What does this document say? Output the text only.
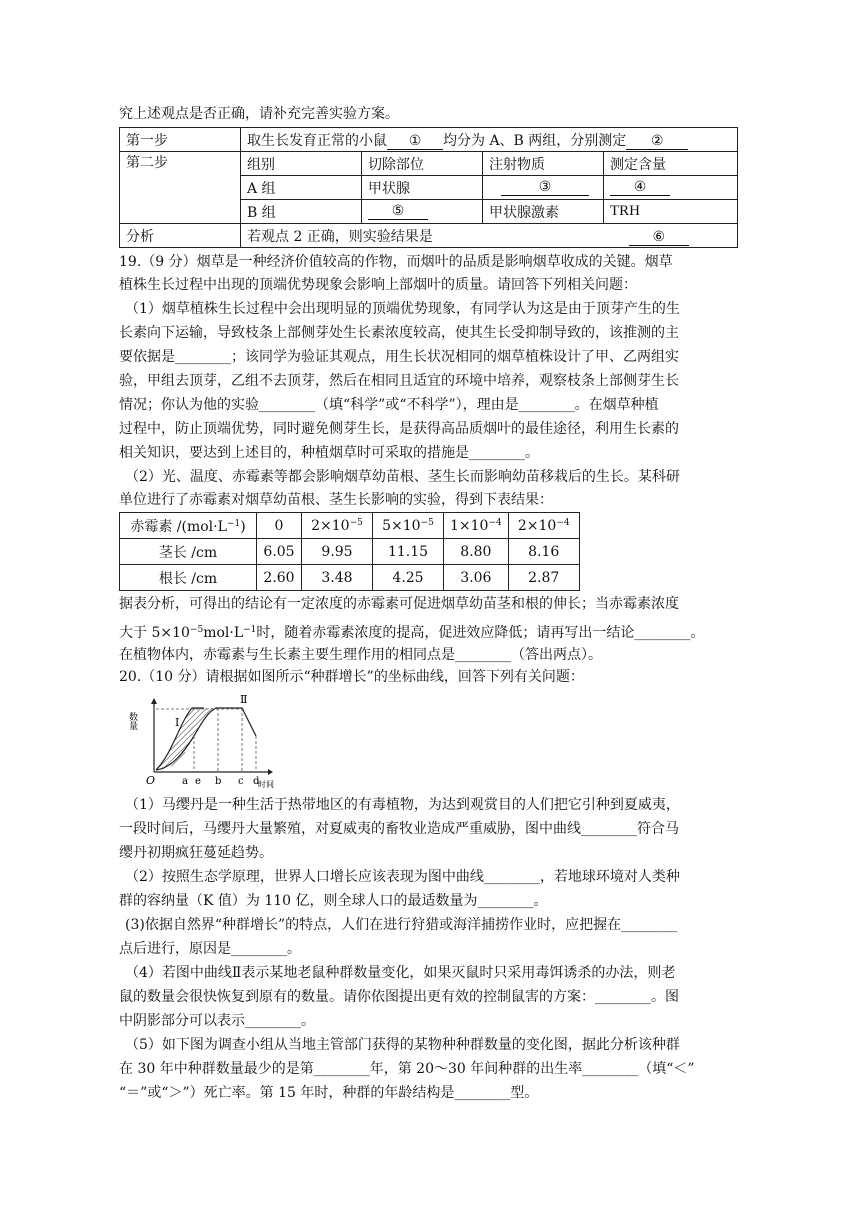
究上述观点是否正确，请补充完善实验方案。
第一步	取生长发育正常的小鼠 ① 均分为 A、B 两组，分别测定 ②			
第二步	组别	切除部位	注射物质	测定含量
	A 组	甲状腺	③	④
	B 组	⑤	甲状腺激素	TRH
分析	若观点 2 正确，则实验结果是 ⑥			
19.（9 分）烟草是一种经济价值较高的作物，而烟叶的品质是影响烟草收成的关键。烟草
植株生长过程中出现的顶端优势现象会影响上部烟叶的质量。请回答下列相关问题：
（1）烟草植株生长过程中会出现明显的顶端优势现象，有同学认为这是由于顶芽产生的生
长素向下运输，导致枝条上部侧芽处生长素浓度较高，使其生长受抑制导致的，该推测的主
要依据是________；该同学为验证其观点，用生长状况相同的烟草植株设计了甲、乙两组实
验，甲组去顶芽，乙组不去顶芽，然后在相同且适宜的环境中培养，观察枝条上部侧芽生长
情况；你认为他的实验________（填“科学”或“不科学”），理由是________。在烟草种植
过程中，防止顶端优势，同时避免侧芽生长，是获得高品质烟叶的最佳途径，利用生长素的
相关知识，要达到上述目的，种植烟草时可采取的措施是________。
（2）光、温度、赤霉素等都会影响烟草幼苗根、茎生长而影响幼苗移栽后的生长。某科研
单位进行了赤霉素对烟草幼苗根、茎生长影响的实验，得到下表结果：
赤霉素 $/(mol\cdot L^{-1})$	0	$2\times 10^{-5}$	$5\times 10^{-5}$	$1\times 10^{-4}$	$2\times 10^{-4}$
茎长 /cm	6.05	9.95	11.15	8.80	8.16
根长 /cm	2.60	3.48	4.25	3.06	2.87
据表分析，可得出的结论有一定浓度的赤霉素可促进烟草幼苗茎和根的伸长；当赤霉素浓度
大于 $5\times 10^{-5}mol\cdot L^{-1}$时，随着赤霉素浓度的提高，促进效应降低；请再写出一结论________。
在植物体内，赤霉素与生长素主要生理作用的相同点是________（答出两点）。
20.（10 分）请根据如图所示“种群增长”的坐标曲线，回答下列有关问题：
数量
O
Ⅰ
Ⅱ
a e b c d
时间
（1）马缨丹是一种生活于热带地区的有毒植物，为达到观赏目的人们把它引种到夏威夷，
一段时间后，马缨丹大量繁殖，对夏威夷的畜牧业造成严重威胁，图中曲线________符合马
缨丹初期疯狂蔓延趋势。
（2）按照生态学原理，世界人口增长应该表现为图中曲线________，若地球环境对人类种
群的容纳量（K 值）为 110 亿，则全球人口的最适数量为________。
(3)依据自然界“种群增长”的特点，人们在进行狩猎或海洋捕捞作业时，应把握在________
点后进行，原因是________。
（4）若图中曲线Ⅱ表示某地老鼠种群数量变化，如果灭鼠时只采用毒饵诱杀的办法，则老
鼠的数量会很快恢复到原有的数量。请你依图提出更有效的控制鼠害的方案：________。图
中阴影部分可以表示________。
（5）如下图为调查小组从当地主管部门获得的某物种种群数量的变化图，据此分析该种群
在 30 年中种群数量最少的是第________年，第 20～30 年间种群的出生率________（填“＜”
“＝”或“＞”）死亡率。第 15 年时，种群的年龄结构是________型。
